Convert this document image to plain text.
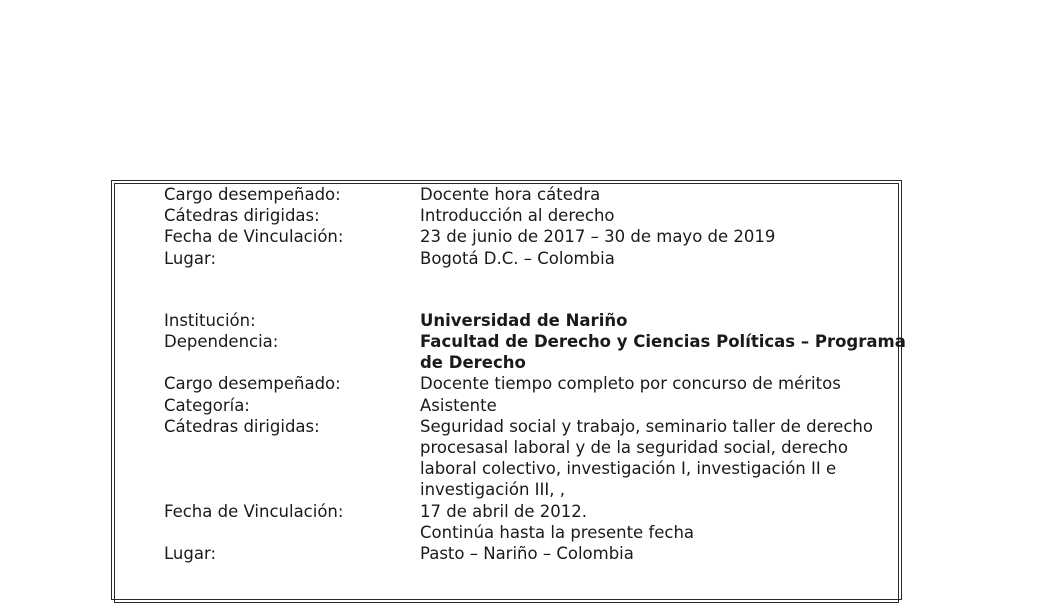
Cargo desempeñado:	Docente hora cátedra
Cátedras dirigidas:	Introducción al derecho
Fecha de Vinculación:	23 de junio de 2017 – 30 de mayo de 2019
Lugar:	Bogotá D.C. – Colombia
Institución:	Universidad de Nariño
Dependencia:	Facultad de Derecho y Ciencias Políticas – Programa
de Derecho
Cargo desempeñado:	Docente tiempo completo por concurso de méritos
Categoría:	Asistente
Cátedras dirigidas:	Seguridad social y trabajo, seminario taller de derecho
procesasal laboral y de la seguridad social, derecho
laboral colectivo, investigación I, investigación II e
investigación III, ,
Fecha de Vinculación:	17 de abril de 2012.
Continúa hasta la presente fecha
Lugar:	Pasto – Nariño – Colombia
